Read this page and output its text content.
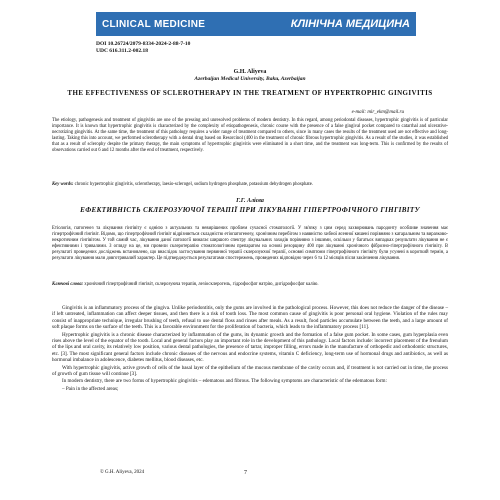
CLINICAL MEDICINE	КЛІНІЧНА МЕДИЦИНА
DOI 10.26724/2079-8334-2024-2-88-7-10
UDC 616.311.2-002.18
G.H. Aliyeva
Azerbaijan Medical University, Baku, Azerbaijan
THE EFFECTIVENESS OF SCLEROTHERAPY IN THE TREATMENT OF HYPERTROPHIC GINGIVITIS
e-mail: mir_ekm@mail.ru
The etiology, pathogenesis and treatment of gingivitis are one of the pressing and unresolved problems of modern dentistry. In this regard, among periodontal diseases, hypertrophic gingivitis is of particular importance. It is known that hypertrophic gingivitis is characterized by the complexity of etiopathogenesis, chronic course with the presence of a false gingival pocket compared to catarrhal and ulcerative-necrotizing gingivitis. At the same time, the treatment of this pathology requires a wider range of treatment compared to others, since in many cases the results of the treatment used are not effective and long-lasting. Taking this into account, we performed sclerotherapy with a dental drug based on Resorcinol (400 in the treatment of chronic fibrous hypertrophic gingivitis. As a result of the studies, it was established that as a result of sclerophy despite the primary therapy, the main symptoms of hypertrophic gingivitis were eliminated in a short time, and the treatment was long-term. This is confirmed by the results of observations carried out 6 and 12 months after the end of treatment, respectively.
Key words: chronic hypertrophic gingivitis, sclerotherapy, laesio-sclerogel, sodium hydrogen phosphate, potassium dehydrogen phosphate.
Г.Г. Алієва
ЕФЕКТИВНІСТЬ СКЛЕРОЗУЮЧОЇ ТЕРАПІЇ ПРИ ЛІКУВАННІ ГІПЕРТРОФІЧНОГО ГІНГІВІТУ
Етіологія, патогенез та лікування гінгівіту є однією з актуальних та невирішених проблем сучасної стоматології. У зв'язку з цим серед захворювань пародонту особливе значення має гіпертрофічний гінгівіт. Відомо, що гіпертрофічний гінгівіт відрізняється складністю етіопатогенезу, хронічним перебігом з наявністю хибної ясенної кишені порівняно з катаральним та виразково-некротичним гінгівітом. У той самий час, лікування даної патології вимагає ширшого спектру лікувальних заходів порівняно з іншими, оскільки у багатьох випадках результати лікування не є ефективними і тривалими. З огляду на це, ми провели склеротерапію стоматологічним препаратом на основі резорцину 400 при лікуванні хронічного фіброзно-гіпертрофічного гінгівіту. В результаті проведених досліджень встановлено, що внаслідок застосування первинної терапії склерозуючої терапії, основні симптоми гіпертрофічного гінгівіту були усунені в короткий термін, а результати лікування мали довготривалий характер. Це підтверджується результатами спостережень, проведених відповідно через 6 та 12 місяців після закінчення лікування.
Ключові слова: хронічний гіпертрофічний гінгівіт, склерозуюча терапія, лезіосклерогель, гідрофосфат натрію, дигідрофосфат калію.

Gingivitis is an inflammatory process of the gingiva. Unlike periodontitis, only the gums are involved in the pathological process. However, this does not reduce the danger of the disease – if left untreated, inflammation can affect deeper tissues, and then there is a risk of tooth loss. The most common cause of gingivitis is poor personal oral hygiene. Violation of the rules may consist of inappropriate technique, irregular brushing of teeth, refusal to use dental floss and rinses after meals. As a result, food particles accumulate between the teeth, and a large amount of soft plaque forms on the surface of the teeth. This is a favorable environment for the proliferation of bacteria, which leads to the inflammatory process [11].

Hypertrophic gingivitis is a chronic disease characterized by inflammation of the gums, its dynamic growth and the formation of a false gum pocket. In some cases, gum hyperplasia even rises above the level of the equator of the tooth. Local and general factors play an important role in the development of this pathology. Local factors include: incorrect placement of the frenulum of the lips and oral cavity, its relatively low position, various dental pathologies, the presence of tartar, improper filling, errors made in the manufacture of orthopedic and orthodontic structures, etc. [3]. The most significant general factors include chronic diseases of the nervous and endocrine systems, vitamin C deficiency, long-term use of hormonal drugs and antibiotics, as well as hormonal imbalance in adolescence, diabetes mellitus, blood diseases, etc.

With hypertrophic gingivitis, active growth of cells of the basal layer of the epithelium of the mucous membrane of the cavity occurs and, if treatment is not carried out in time, the process of growth of gum tissue will continue [3].

In modern dentistry, there are two forms of hypertrophic gingivitis – edematous and fibrous. The following symptoms are characteristic of the edematous form:

– Pain in the affected areas;

© G.H. Aliyeva, 2024	7
